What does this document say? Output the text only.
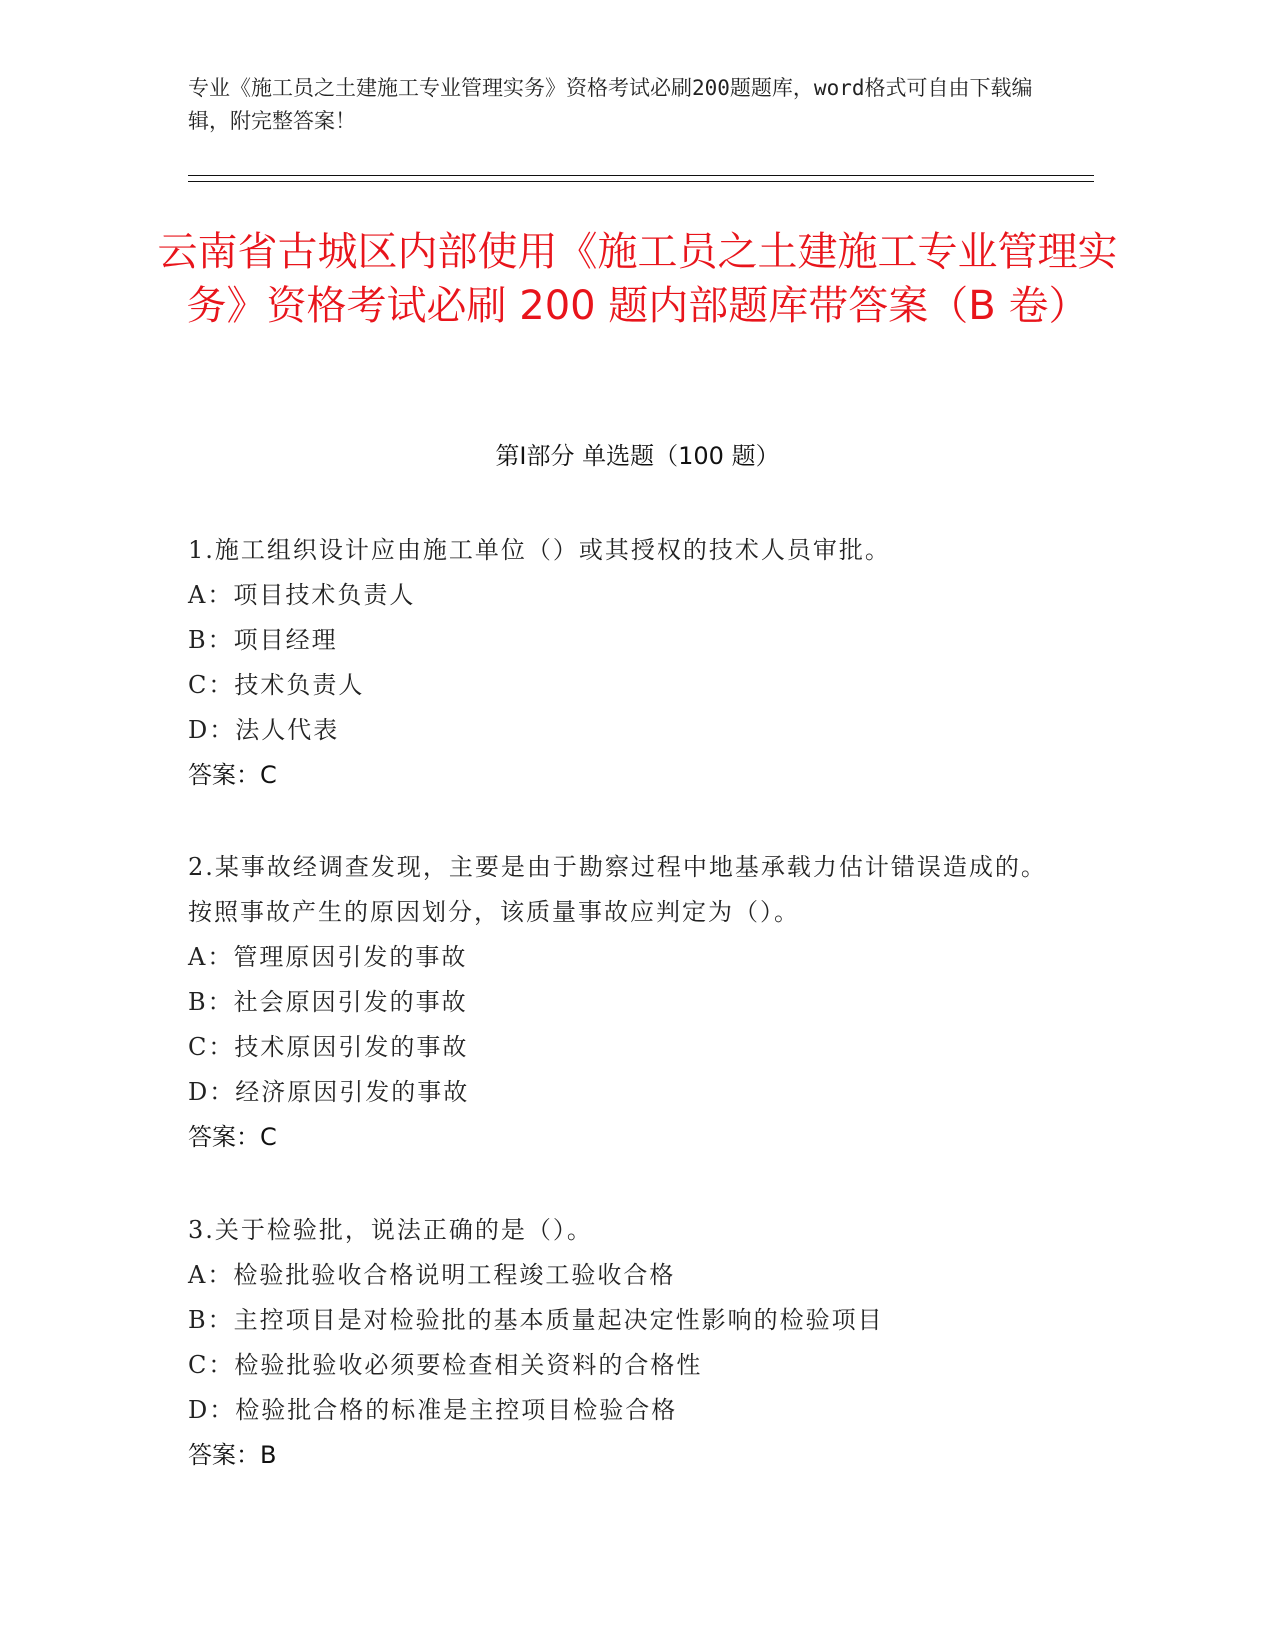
专业《施工员之土建施工专业管理实务》资格考试必刷200题题库，word格式可自由下载编辑，附完整答案！
云南省古城区内部使用《施工员之土建施工专业管理实务》资格考试必刷 200 题内部题库带答案（B 卷）
第Ⅰ部分 单选题（100 题）
1.施工组织设计应由施工单位（）或其授权的技术人员审批。
A：项目技术负责人
B：项目经理
C：技术负责人
D：法人代表
答案：C
2.某事故经调查发现，主要是由于勘察过程中地基承载力估计错误造成的。按照事故产生的原因划分，该质量事故应判定为（）。
A：管理原因引发的事故
B：社会原因引发的事故
C：技术原因引发的事故
D：经济原因引发的事故
答案：C
3.关于检验批，说法正确的是（）。
A：检验批验收合格说明工程竣工验收合格
B：主控项目是对检验批的基本质量起决定性影响的检验项目
C：检验批验收必须要检查相关资料的合格性
D：检验批合格的标准是主控项目检验合格
答案：B
